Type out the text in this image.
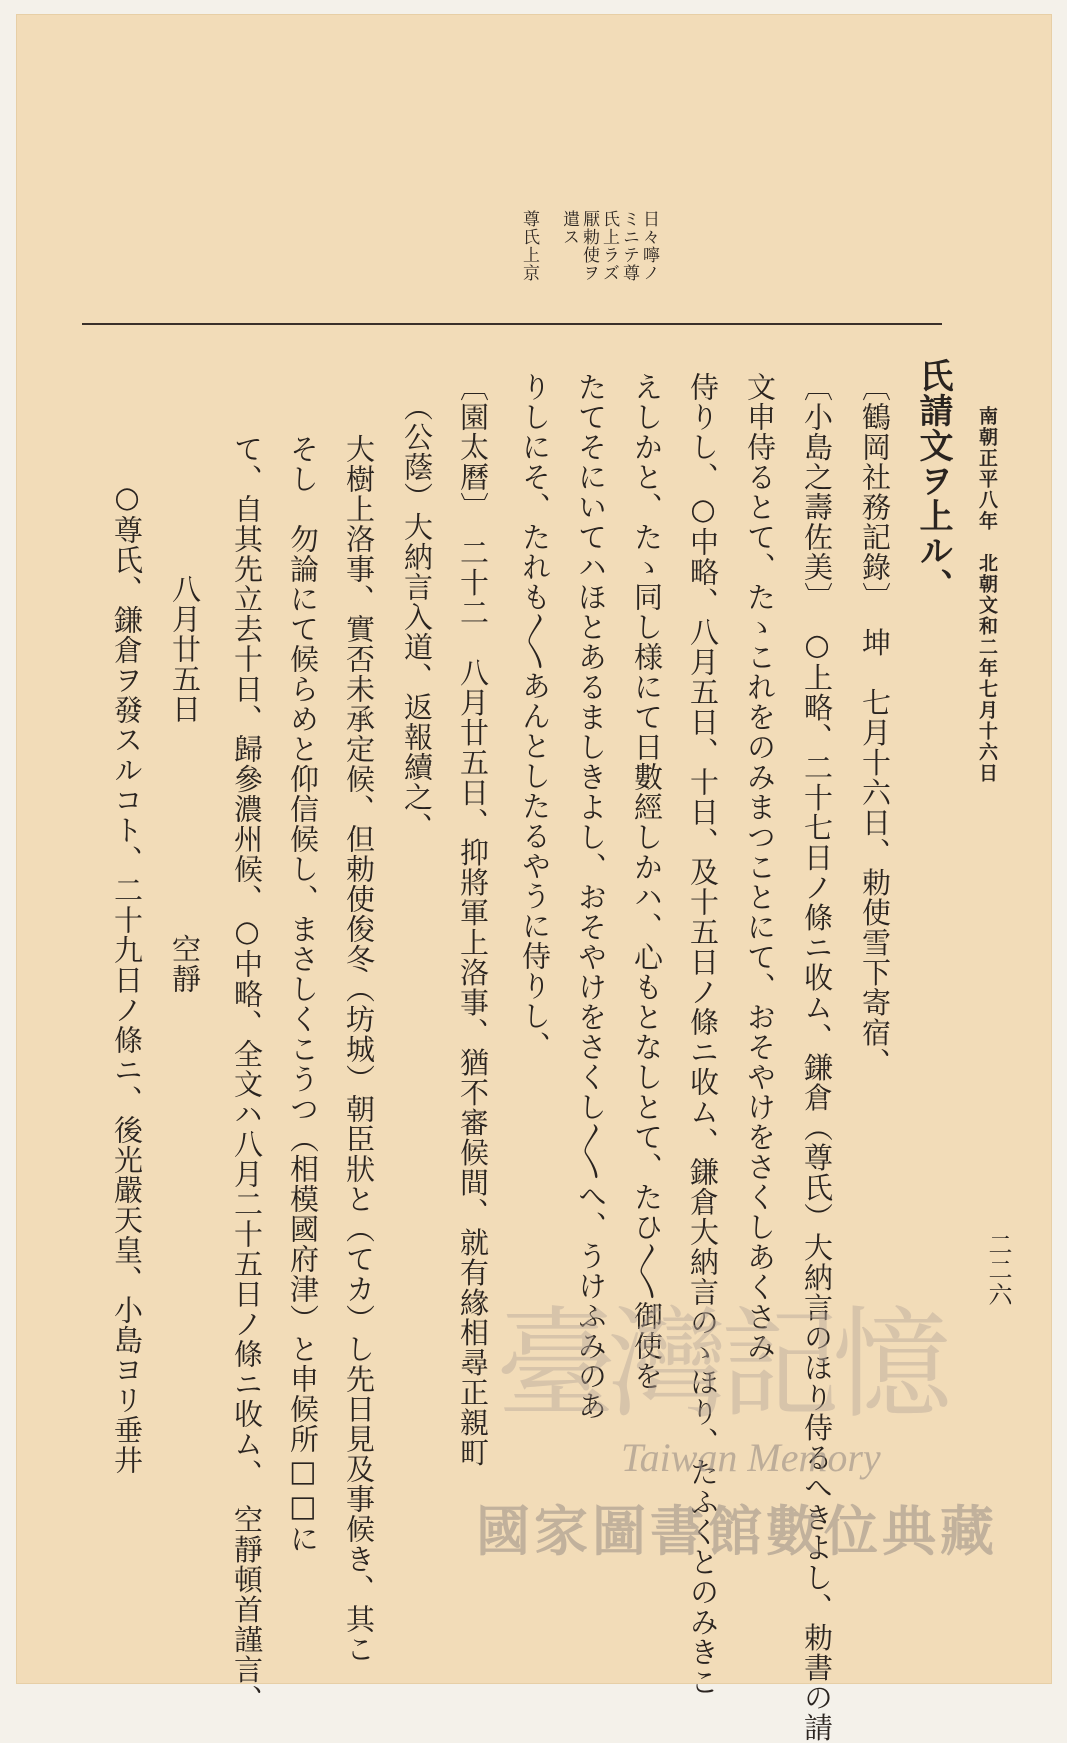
二二六
日々嚀ノ
ミニテ尊
氏上ラズ
厭勅使ヲ
遣ス
尊氏上京
南朝正平八年　北朝文和二年七月十六日
氏請文ヲ上ル、
〔鶴岡社務記錄〕　坤　七月十六日、勅使雪下寄宿、
〔小島之壽佐美〕　○上略、二十七日ノ條ニ收ム、鎌倉（尊氏）大納言のほり侍るへきよし、勅書の請
文申侍るとて、たゝこれをのみまつことにて、おそやけをさくしあくさみ
侍りし、○中略、八月五日、十日、及十五日ノ條ニ收ム、鎌倉大納言のゝほり、たふくとのみきこ
えしかと、たゝ同し様にて日數經しかハ、心もとなしとて、たひ〳〵御使を
たてそにいてハほとあるましきよし、おそやけをさくし〳〵へ、うけふみのあ
りしにそ、たれも〳〵あんとしたるやうに侍りし、
〔園太曆〕　二十二　八月廿五日、抑將軍上洛事、猶不審候間、就有緣相尋正親町
（公蔭）大納言入道、返報續之、
大樹上洛事、實否未承定候、但勅使俊冬（坊城）朝臣狀と（てカ）し先日見及事候き、其こ
そし　勿論にて候らめと仰信候し、まさしくこうつ（相模國府津）と申候所□□に
て、自其先立去十日、歸參濃州候、○中略、全文ハ八月二十五日ノ條ニ收ム、　空靜頓首謹言、
八月廿五日　　　　　　　空靜
○尊氏、鎌倉ヲ發スルコト、二十九日ノ條ニ、後光嚴天皇、小島ヨリ垂井	臺灣記憶
Taiwan Memory
國家圖書館數位典藏
